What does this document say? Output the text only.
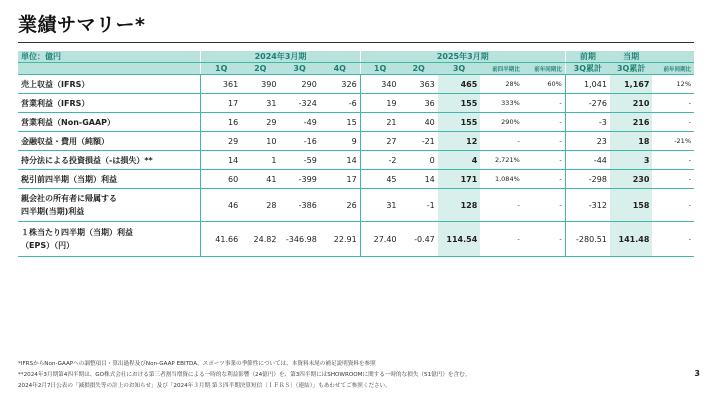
業績サマリー*
単位：億円	2024年3月期				2025年3月期					前期	当期	
	1Q	2Q	3Q	4Q	1Q	2Q	3Q	前四半期比	前年同期比	3Q累計	3Q累計	前年同期比

売上収益（IFRS）	361	390	290	326	340	363	465	28%	60%	1,041	1,167	12%

営業利益（IFRS）	17	31	-324	-6	19	36	155	333%	-	-276	210	-

営業利益（Non-GAAP）	16	29	-49	15	21	40	155	290%	-	-3	216	-

金融収益・費用（純額）	29	10	-16	9	27	-21	12	-	-	23	18	-21%

持分法による投資損益（-は損失）**	14	1	-59	14	-2	0	4	2,721%	-	-44	3	-

税引前四半期（当期）利益	60	41	-399	17	45	14	171	1,084%	-	-298	230	-

親会社の所有者に帰属する
四半期(当期)利益	46	28	-386	26	31	-1	128	-	-	-312	158	-

１株当たり四半期（当期）利益
（EPS）（円）	41.66	24.82	-346.98	22.91	27.40	-0.47	114.54	-	-	-280.51	141.48	-
*IFRSからNon-GAAPへの調整項目・算出過程及びNon-GAAP EBITDA、スポーツ事業の季節性については、本資料末尾の補足説明資料を参照
**2024年3月期第4四半期は、GO株式会社における第三者割当増資による一時的な利益影響（24億円）を、第3四半期にはSHOWROOMに関する一時的な損失（51億円）を含む。
2024年2月7日公表の「減損損失等の計上のお知らせ」及び「2024年３月期 第３四半期決算短信〔ＩＦＲＳ〕（連結）」もあわせてご参照ください。
3
